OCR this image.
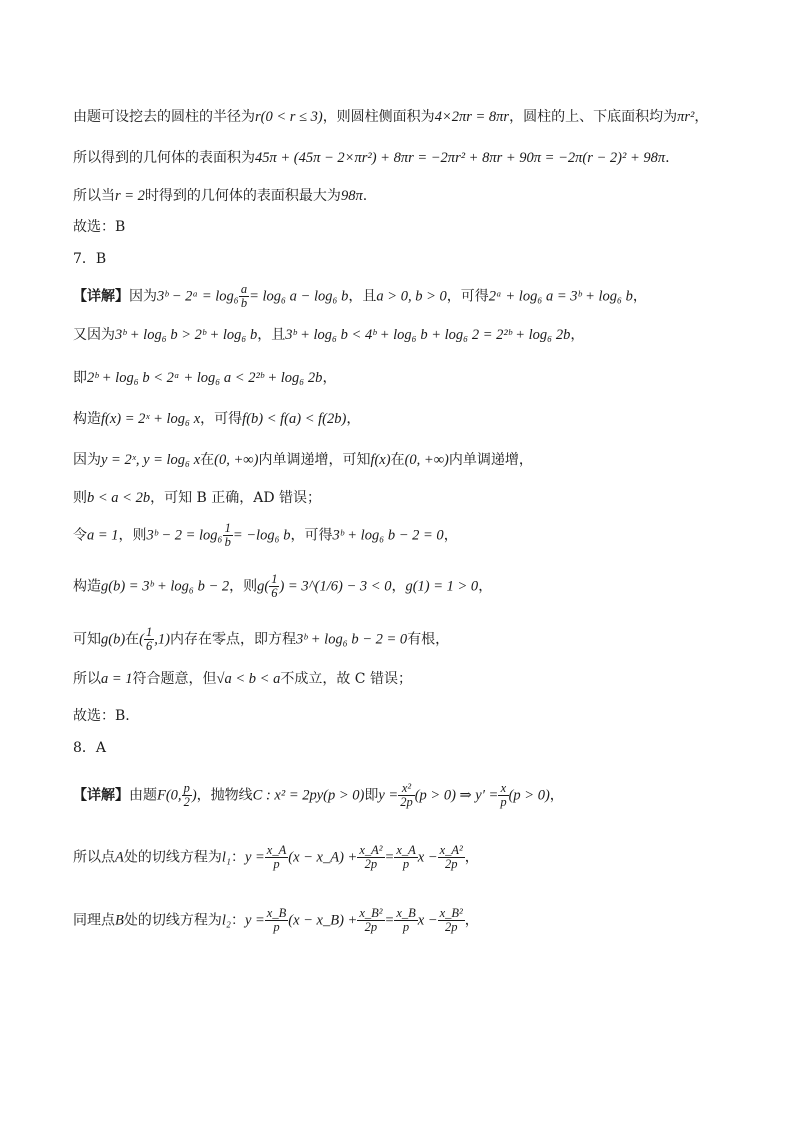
由题可设挖去的圆柱的半径为r(0 < r ≤ 3)，则圆柱侧面积为4×2πr = 8πr，圆柱的上、下底面积均为πr²，
所以得到的几何体的表面积为45π + (45π − 2×πr²) + 8πr = −2πr² + 8πr + 90π = −2π(r − 2)² + 98π.
所以当r = 2时得到的几何体的表面积最大为98π.
故选：B
7．B
【详解】因为3ᵇ − 2ᵃ = $\log_6 \frac{a}{b} = \log_6$ a − log₆ b，且a > 0, b > 0，可得2ᵃ + log₆ a = 3ᵇ + log₆ b，
又因为3ᵇ + log₆ b > 2ᵇ + log₆ b，且3ᵇ + log₆ b < 4ᵇ + log₆ b + log₆ 2 = 2²ᵇ + log₆ 2b，
即2ᵇ + log₆ b < 2ᵃ + log₆ a < 2²ᵇ + log₆ 2b，
构造f(x) = 2ˣ + log₆ x，可得f(b) < f(a) < f(2b)，
因为y = 2ˣ, y = log₆ x在(0, +∞)内单调递增，可知f(x)在(0, +∞)内单调递增，
则b < a < 2b，可知 B 正确，AD 错误；
令a = 1，则3ᵇ − $2 = \log_6 \frac{1}{b} = -\log_6$ b，可得3ᵇ + log₆ b − 2 = 0，
构造g(b) = 3ᵇ + log₆ b − 2，则$g( \frac{1}{6}$ ) = 3^(1/6) − 3 < 0，g(1) = 1 > 0，
可知g(b)在( $\frac{1}{6} ,1$)内存在零点，即方程3ᵇ + log₆ b − 2 = 0有根，
所以a = 1符合题意，但√a < b < a不成立，故 C 错误；
故选：B.
8．A
【详解】由题F(0, $\frac{p}{2}$ )，抛物线C : x² = 2py(p > 0)即$y = \frac{\text{x²}}{2p} (p > 0)$ ⇒ $y' = \frac{x}{p} (p > 0)$，
所以点A处的切线方程为l₁：$y = \frac{x\_A}{p} (x$ − x_A) + $\frac{\text{x\_A²}}{2p} = \frac{x\_A}{p}$ $x - \frac{\text{x\_A²}}{2p}$ ，
同理点B处的切线方程为l₂：$y = \frac{x\_B}{p} (x$ − x_B) + $\frac{\text{x\_B²}}{2p} = \frac{x\_B}{p}$ $x - \frac{\text{x\_B²}}{2p}$ ，
